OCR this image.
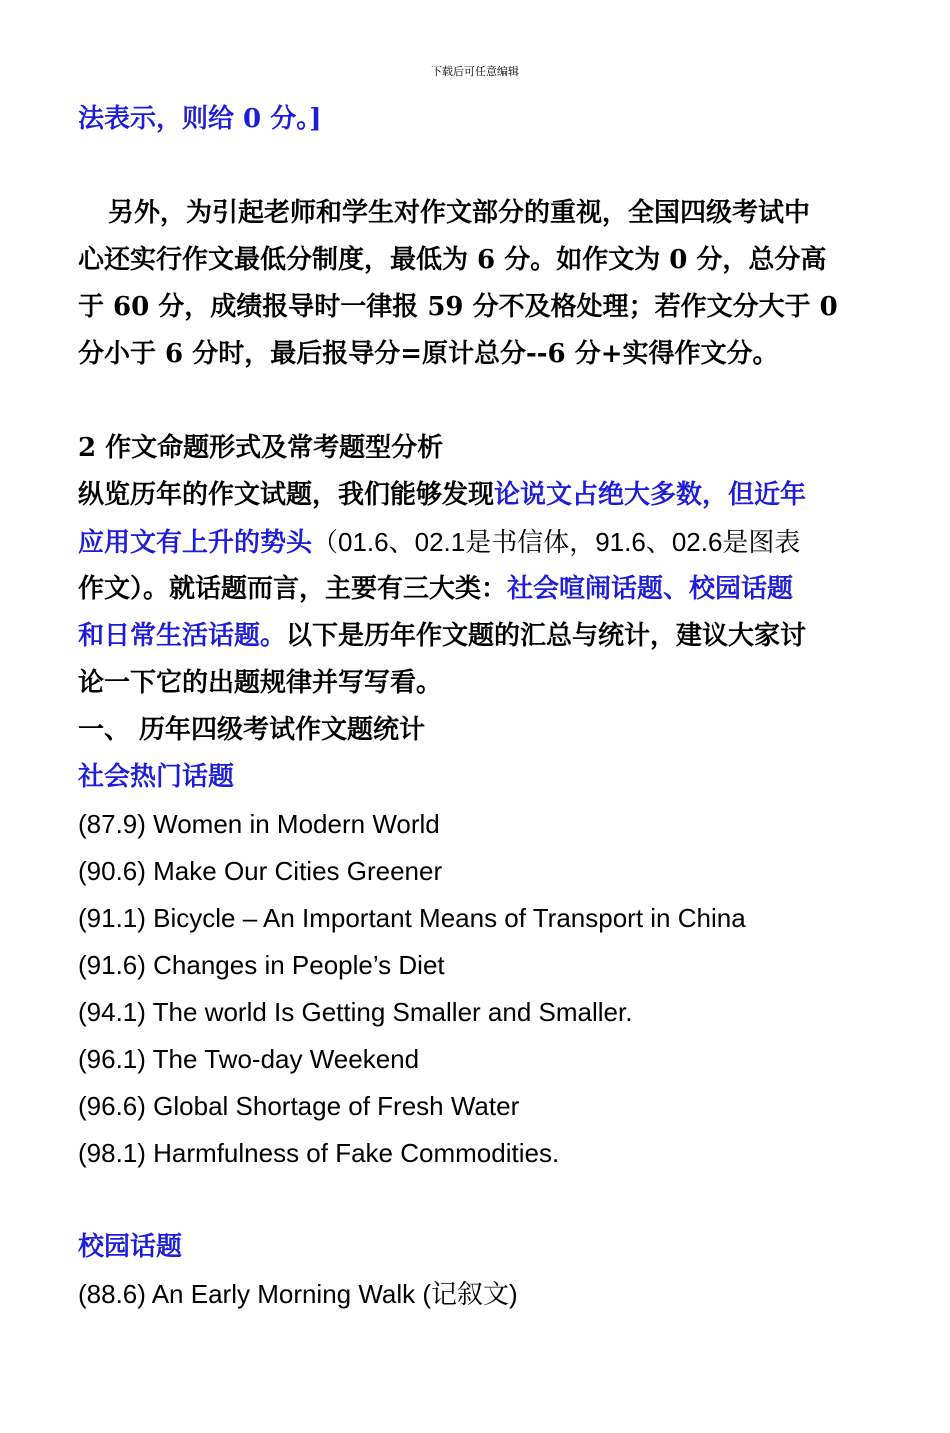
下载后可任意编辑
法表示，则给 0 分。]
另外，为引起老师和学生对作文部分的重视，全国四级考试中
心还实行作文最低分制度，最低为 6 分。如作文为 0 分，总分高
于 60 分，成绩报导时一律报 59 分不及格处理；若作文分大于 0
分小于 6 分时，最后报导分=原计总分--6 分+实得作文分。
2 作文命题形式及常考题型分析
纵览历年的作文试题，我们能够发现论说文占绝大多数，但近年
应用文有上升的势头（01.6、02.1是书信体，91.6、02.6是图表
作文）。就话题而言，主要有三大类：社会喧闹话题、校园话题
和日常生活话题。以下是历年作文题的汇总与统计，建议大家讨
论一下它的出题规律并写写看。
一、 历年四级考试作文题统计
社会热门话题
(87.9) Women in Modern World
(90.6) Make Our Cities Greener
(91.1) Bicycle – An Important Means of Transport in China
(91.6) Changes in People’s Diet
(94.1) The world Is Getting Smaller and Smaller.
(96.1) The Two-day Weekend
(96.6) Global Shortage of Fresh Water
(98.1) Harmfulness of Fake Commodities.
校园话题
(88.6) An Early Morning Walk (记叙文)
